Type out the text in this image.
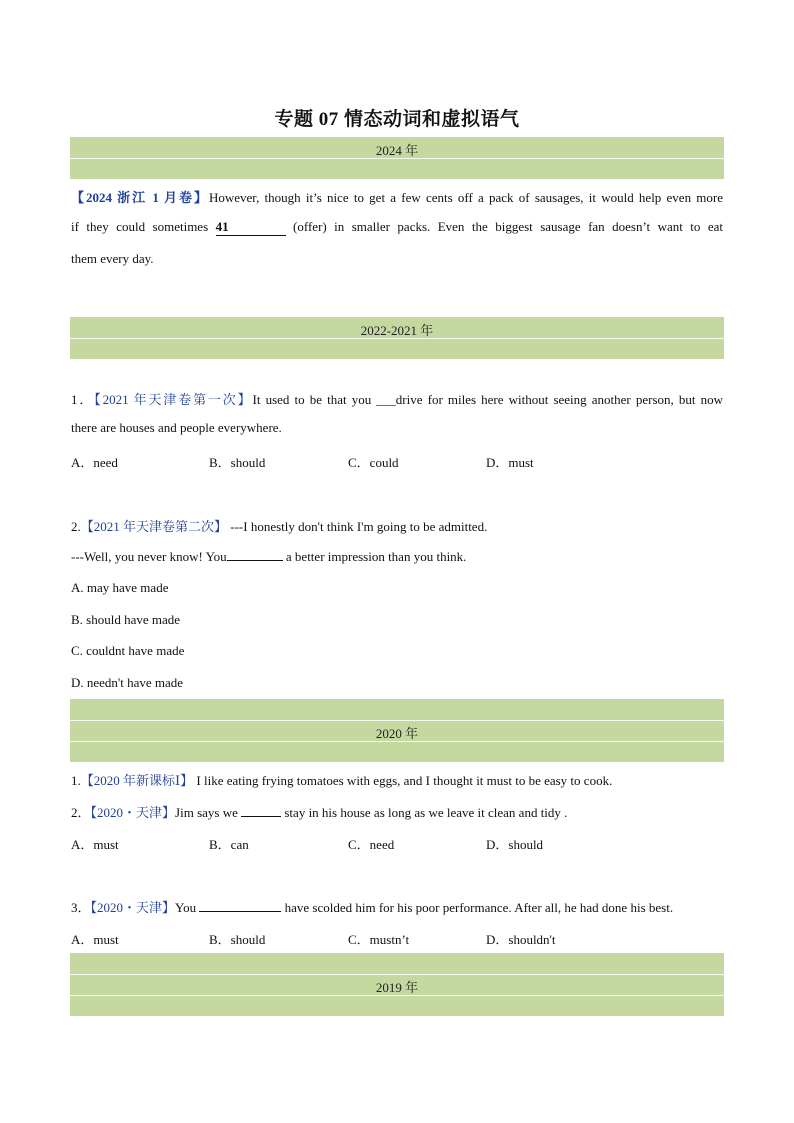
专题 07 情态动词和虚拟语气
2024 年
【2024 浙江 1 月卷】However, though it’s nice to get a few cents off a pack of sausages, it would help even more
if they could sometimes 41	(offer) in smaller packs. Even the biggest sausage fan doesn’t want to eat
them every day.
2022-2021 年
1．【2021 年天津卷第一次】It used to be that you ___drive for miles here without seeing another person, but now
there are houses and people everywhere.
A．need	B．should	C．could	D．must
2.【2021 年天津卷第二次】 ---I honestly don't think I'm going to be admitted.
---Well, you never know! You	a better impression than you think.
A. may have made
B. should have made
C. couldnt have made
D. needn't have made
2020 年
1.【2020 年新课标Ⅰ】 I like eating frying tomatoes with eggs, and I thought it must to be easy to cook.
2．【2020・天津】Jim says we	stay in his house as long as we leave it clean and tidy .
A．must	B．can	C．need	D．should
3．【2020・天津】You	have scolded him for his poor performance. After all, he had done his best.
A．must	B．should	C．mustn’t	D．shouldn't
2019 年
